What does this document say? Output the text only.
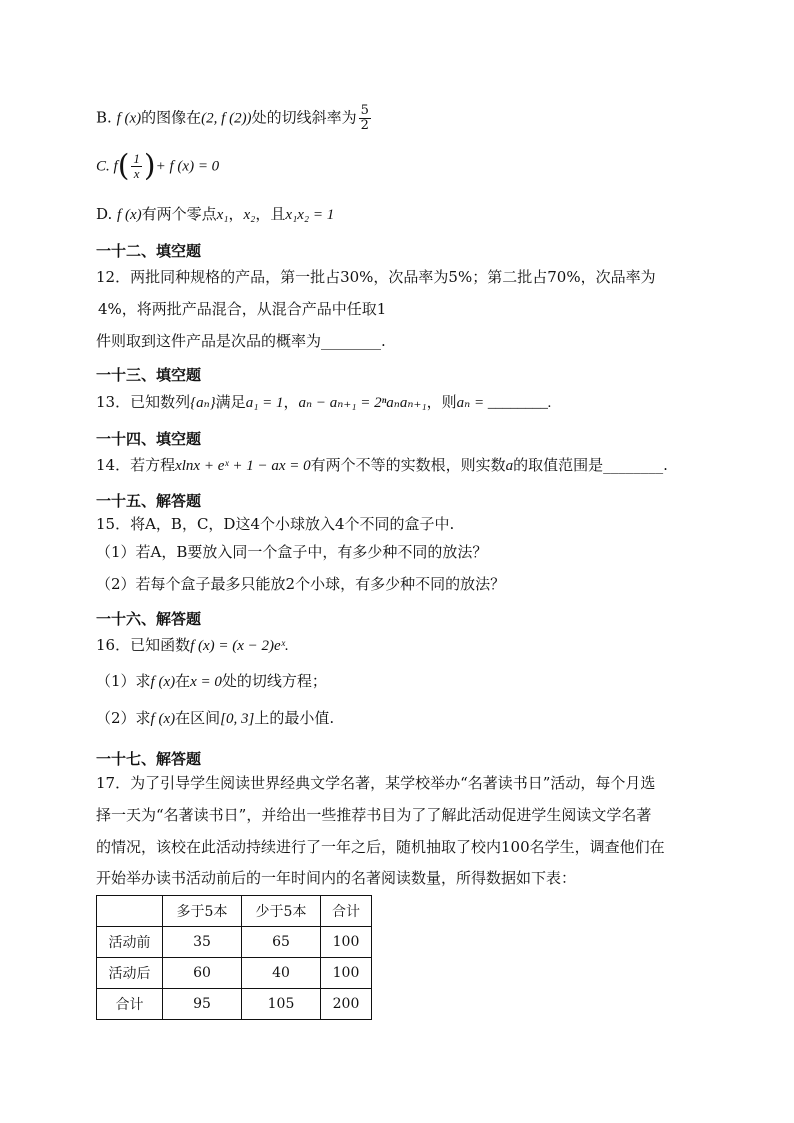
B. f (x)的图像在(2, f (2))处的切线斜率为 $\frac{5}{2}$
C. $f( \frac{1}{x}$ )+ f (x) = 0
D. f (x)有两个零点x₁，x₂，且x₁x₂ = 1
一十二、填空题
12．两批同种规格的产品，第一批占30%，次品率为5%；第二批占70%，次品率为
4%，将两批产品混合，从混合产品中任取1
件则取到这件产品是次品的概率为________.
一十三、填空题
13．已知数列{aₙ}满足a₁ = 1，aₙ − aₙ₊₁ = 2ⁿaₙaₙ₊₁，则aₙ = ________.
一十四、填空题
14．若方程xlnx + eˣ + 1 − ax = 0有两个不等的实数根，则实数a的取值范围是________.
一十五、解答题
15．将A，B，C，D这4个小球放入4个不同的盒子中.
（1）若A，B要放入同一个盒子中，有多少种不同的放法？
（2）若每个盒子最多只能放2个小球，有多少种不同的放法？
一十六、解答题
16．已知函数f (x) = (x − 2)eˣ.
（1）求f (x)在x = 0处的切线方程；
（2）求f (x)在区间[0, 3]上的最小值.
一十七、解答题
17．为了引导学生阅读世界经典文学名著，某学校举办“名著读书日”活动，每个月选
择一天为“名著读书日”，并给出一些推荐书目为了了解此活动促进学生阅读文学名著
的情况，该校在此活动持续进行了一年之后，随机抽取了校内100名学生，调查他们在
开始举办读书活动前后的一年时间内的名著阅读数量，所得数据如下表：
	多于5本	少于5本	合计
活动前	35	65	100
活动后	60	40	100
合计	95	105	200
